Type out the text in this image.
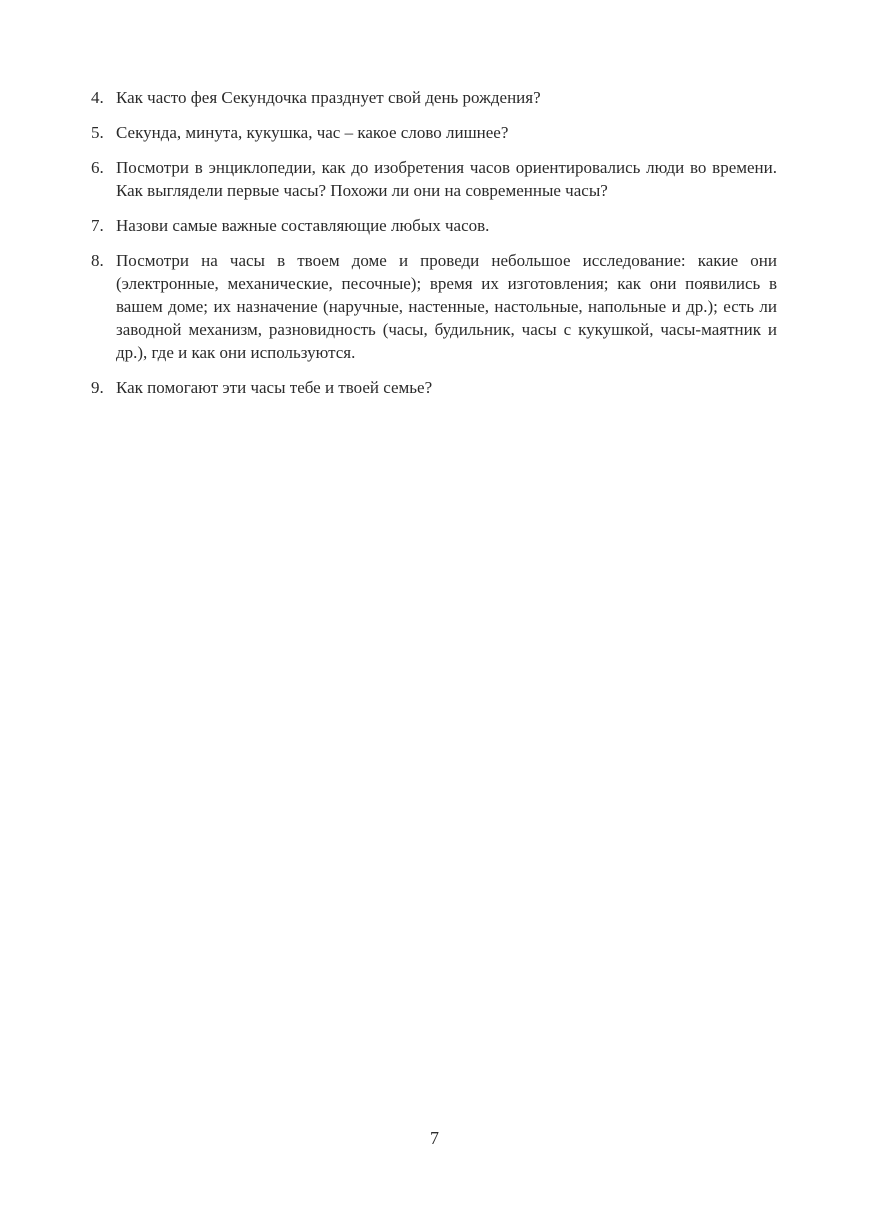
4. Как часто фея Секундочка празднует свой день рождения?
5. Секунда, минута, кукушка, час – какое слово лишнее?
6. Посмотри в энциклопедии, как до изобретения часов ориентировались люди во времени. Как выглядели первые часы? Похожи ли они на современные часы?
7. Назови самые важные составляющие любых часов.
8. Посмотри на часы в твоем доме и проведи небольшое исследование: какие они (электронные, механические, песочные); время их изготовления; как они появились в вашем доме; их назначение (наручные, настенные, настольные, напольные и др.); есть ли заводной механизм, разновидность (часы, будильник, часы с кукушкой, часы-маятник и др.), где и как они используются.
9. Как помогают эти часы тебе и твоей семье?
7
